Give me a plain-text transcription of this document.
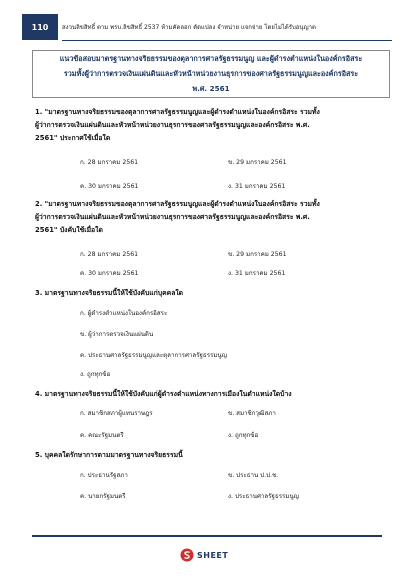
110	สงวนลิขสิทธิ์ ตาม พรบ.ลิขสิทธิ์ 2537 ห้ามคัดลอก ดัดแปลง จำหน่าย แจกจ่าย โดยไม่ได้รับอนุญาต
แนวข้อสอบมาตรฐานทางจริยธรรมของตุลาการศาลรัฐธรรมนูญ และผู้ดำรงตำแหน่งในองค์กรอิสระ
รวมทั้งผู้ว่าการตรวจเงินแผ่นดินและหัวหน้าหน่วยงานธุรการของศาลรัฐธรรมนูญและองค์กรอิสระ
พ.ศ. 2561
1. "มาตรฐานทางจริยธรรมของตุลาการศาลรัฐธรรมนูญและผู้ดำรงตำแหน่งในองค์กรอิสระ รวมทั้ง
ผู้ว่าการตรวจเงินแผ่นดินและหัวหน้าหน่วยงานธุรการของศาลรัฐธรรมนูญและองค์กรอิสระ พ.ศ.
2561" ประกาศใช้เมื่อใด
ก. 28 มกราคม 2561	ข. 29 มกราคม 2561
ค. 30 มกราคม 2561	ง. 31 มกราคม 2561
2. "มาตรฐานทางจริยธรรมของตุลาการศาลรัฐธรรมนูญและผู้ดำรงตำแหน่งในองค์กรอิสระ รวมทั้ง
ผู้ว่าการตรวจเงินแผ่นดินและหัวหน้าหน่วยงานธุรการของศาลรัฐธรรมนูญและองค์กรอิสระ พ.ศ.
2561" บังคับใช้เมื่อใด
ก. 28 มกราคม 2561	ข. 29 มกราคม 2561
ค. 30 มกราคม 2561	ง. 31 มกราคม 2561
3. มาตรฐานทางจริยธรรมนี้ให้ใช้บังคับแก่บุคคลใด
ก. ผู้ดำรงตำแหน่งในองค์กรอิสระ
ข. ผู้ว่าการตรวจเงินแผ่นดิน
ค. ประธานศาลรัฐธรรมนูญและตุลาการศาลรัฐธรรมนูญ
ง. ถูกทุกข้อ
4. มาตรฐานทางจริยธรรมนี้ให้ใช้บังคับแก่ผู้ดำรงตำแหน่งทางการเมืองในตำแหน่งใดบ้าง
ก. สมาชิกสภาผู้แทนราษฎร	ข. สมาชิกวุฒิสภา
ค. คณะรัฐมนตรี	ง. ถูกทุกข้อ
5. บุคคลใดรักษาการตามมาตรฐานทางจริยธรรมนี้
ก. ประธานรัฐสภา	ข. ประธาน ป.ป.ช.
ค. นายกรัฐมนตรี	ง. ประธานศาลรัฐธรรมนูญ
SHEET
